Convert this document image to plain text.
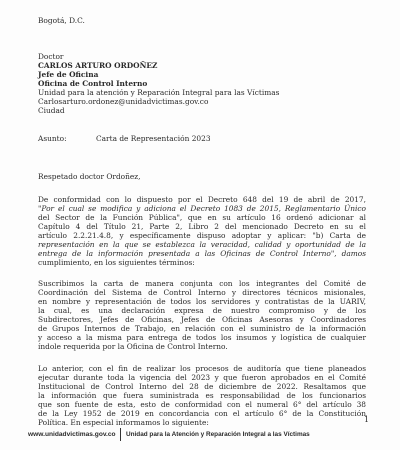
Bogotá, D.C.
Doctor
CARLOS ARTURO ORDOÑEZ
Jefe de Oficina
Oficina de Control Interno
Unidad para la atención y Reparación Integral para las Víctimas
Carlosarturo.ordonez@unidadvictimas.gov.co
Ciudad
Asunto:	Carta de Representación 2023
Respetado doctor Ordoñez,
De conformidad con lo dispuesto por el Decreto 648 del 19 de abril de 2017,
"Por el cual se modifica y adiciona el Decreto 1083 de 2015, Reglamentario Único
del Sector de la Función Pública", que en su artículo 16 ordenó adicionar al
Capítulo 4 del Título 21, Parte 2, Libro 2 del mencionado Decreto en su el
artículo 2.2.21.4.8, y específicamente dispuso adoptar y aplicar: "b) Carta de
representación en la que se establezca la veracidad, calidad y oportunidad de la
entrega de la información presentada a las Oficinas de Control Interno", damos
cumplimiento, en los siguientes términos:
Suscribimos la carta de manera conjunta con los integrantes del Comité de
Coordinación del Sistema de Control Interno y directores técnicos misionales,
en nombre y representación de todos los servidores y contratistas de la UARIV,
la cual, es una declaración expresa de nuestro compromiso y de los
Subdirectores, Jefes de Oficinas, Jefes de Oficinas Asesoras y Coordinadores
de Grupos Internos de Trabajo, en relación con el suministro de la información
y acceso a la misma para entrega de todos los insumos y logística de cualquier
índole requerida por la Oficina de Control Interno.
Lo anterior, con el fin de realizar los procesos de auditoría que tiene planeados
ejecutar durante toda la vigencia del 2023 y que fueron aprobados en el Comité
Institucional de Control Interno del 28 de diciembre de 2022. Resaltamos que
la información que fuera suministrada es responsabilidad de los funcionarios
que son fuente de esta, esto de conformidad con el numeral 6° del artículo 38
de la Ley 1952 de 2019 en concordancia con el artículo 6° de la Constitución
Política. En especial informamos lo siguiente:	1
www.unidadvictimas.gov.co Unidad para la Atención y Reparación Integral a las Víctimas
